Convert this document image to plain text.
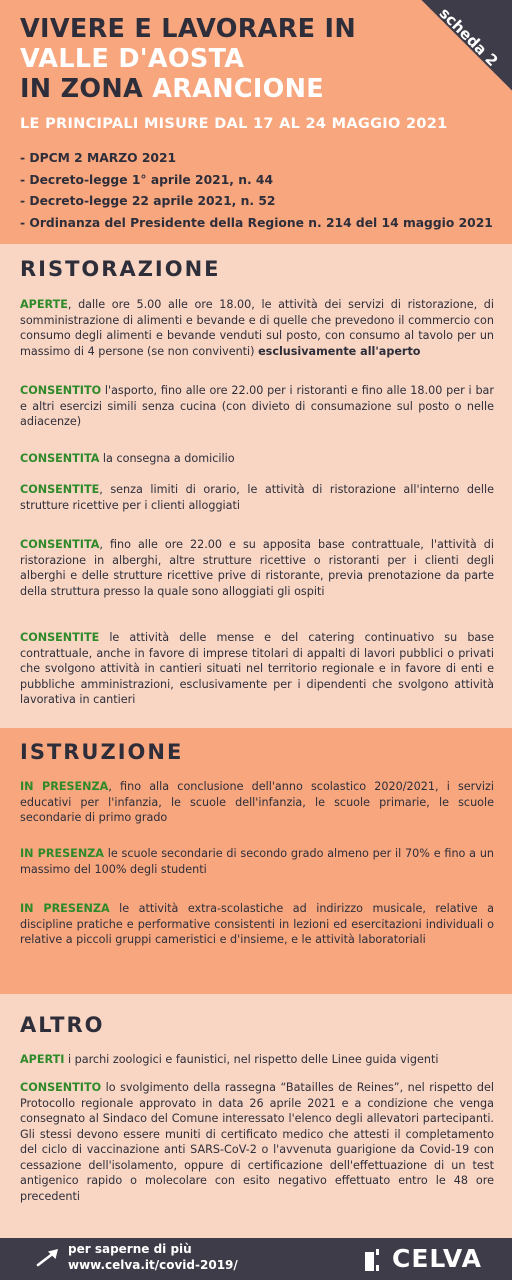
scheda 2
VIVERE E LAVORARE IN
VALLE D'AOSTA
IN ZONA ARANCIONE
LE PRINCIPALI MISURE DAL 17 AL 24 MAGGIO 2021
- DPCM 2 MARZO 2021
- Decreto-legge 1° aprile 2021, n. 44
- Decreto-legge 22 aprile 2021, n. 52
- Ordinanza del Presidente della Regione n. 214 del 14 maggio 2021
RISTORAZIONE

APERTE, dalle ore 5.00 alle ore 18.00, le attività dei servizi di ristorazione, di somministrazione di alimenti e bevande e di quelle che prevedono il commercio con consumo degli alimenti e bevande venduti sul posto, con consumo al tavolo per un massimo di 4 persone (se non conviventi) esclusivamente all'aperto

CONSENTITO l'asporto, fino alle ore 22.00 per i ristoranti e fino alle 18.00 per i bar e altri esercizi simili senza cucina (con divieto di consumazione sul posto o nelle adiacenze)

CONSENTITA la consegna a domicilio

CONSENTITE, senza limiti di orario, le attività di ristorazione all'interno delle strutture ricettive per i clienti alloggiati

CONSENTITA, fino alle ore 22.00 e su apposita base contrattuale, l'attività di ristorazione in alberghi, altre strutture ricettive o ristoranti per i clienti degli alberghi e delle strutture ricettive prive di ristorante, previa prenotazione da parte della struttura presso la quale sono alloggiati gli ospiti

CONSENTITE le attività delle mense e del catering continuativo su base contrattuale, anche in favore di imprese titolari di appalti di lavori pubblici o privati che svolgono attività in cantieri situati nel territorio regionale e in favore di enti e pubbliche amministrazioni, esclusivamente per i dipendenti che svolgono attività lavorativa in cantieri

ISTRUZIONE

IN PRESENZA, fino alla conclusione dell'anno scolastico 2020/2021, i servizi educativi per l'infanzia, le scuole dell'infanzia, le scuole primarie, le scuole secondarie di primo grado

IN PRESENZA le scuole secondarie di secondo grado almeno per il 70% e fino a un massimo del 100% degli studenti

IN PRESENZA le attività extra-scolastiche ad indirizzo musicale, relative a discipline pratiche e performative consistenti in lezioni ed esercitazioni individuali o relative a piccoli gruppi cameristici e d'insieme, e le attività laboratoriali

ALTRO

APERTI i parchi zoologici e faunistici, nel rispetto delle Linee guida vigenti

CONSENTITO lo svolgimento della rassegna “Batailles de Reines”, nel rispetto del Protocollo regionale approvato in data 26 aprile 2021 e a condizione che venga consegnato al Sindaco del Comune interessato l'elenco degli allevatori partecipanti. Gli stessi devono essere muniti di certificato medico che attesti il completamento del ciclo di vaccinazione anti SARS-CoV-2 o l'avvenuta guarigione da Covid-19 con cessazione dell'isolamento, oppure di certificazione dell'effettuazione di un test antigenico rapido o molecolare con esito negativo effettuato entro le 48 ore precedenti

per saperne di più
www.celva.it/covid-2019/	CELVA
